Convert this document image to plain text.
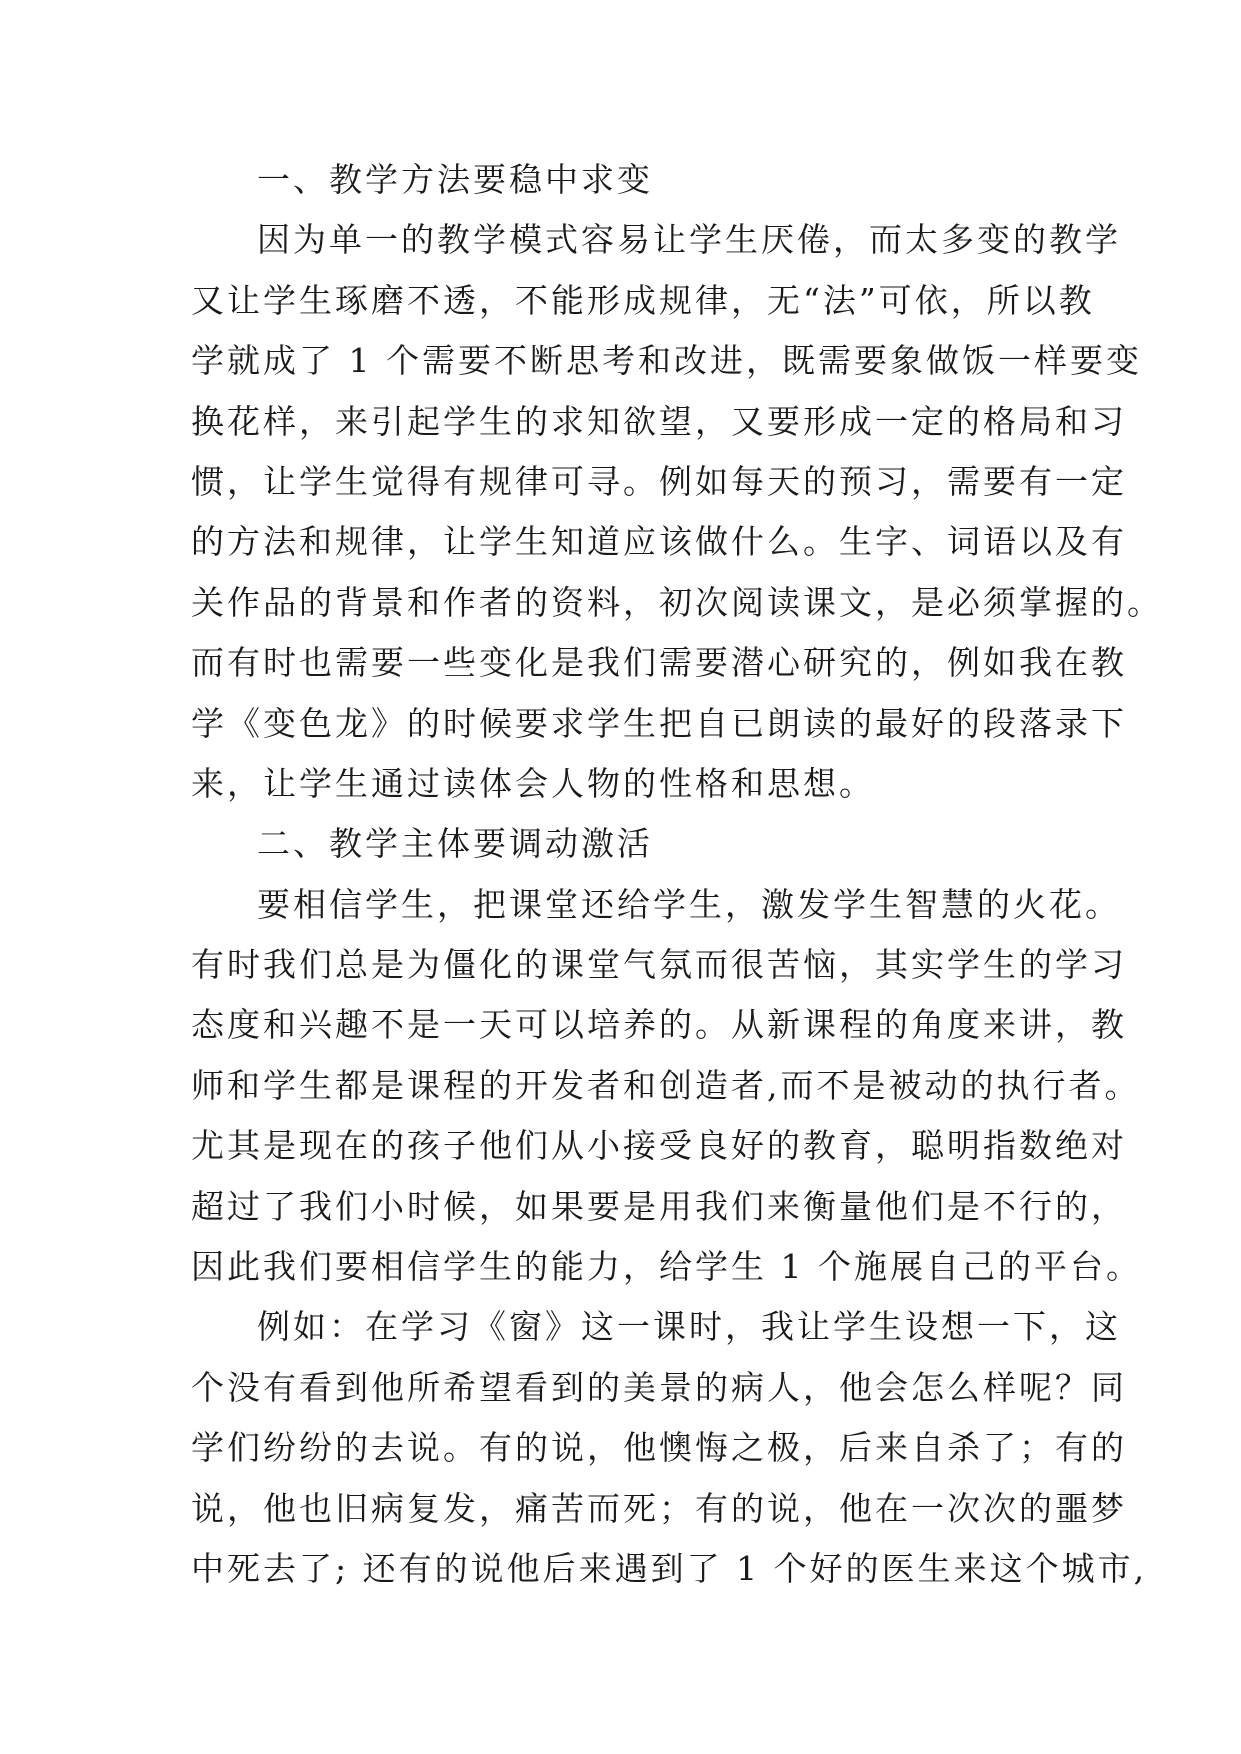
一、教学方法要稳中求变
因为单一的教学模式容易让学生厌倦，而太多变的教学
又让学生琢磨不透，不能形成规律，无“法”可依，所以教
学就成了 1 个需要不断思考和改进，既需要象做饭一样要变
换花样，来引起学生的求知欲望，又要形成一定的格局和习
惯，让学生觉得有规律可寻。例如每天的预习，需要有一定
的方法和规律，让学生知道应该做什么。生字、词语以及有
关作品的背景和作者的资料，初次阅读课文，是必须掌握的。
而有时也需要一些变化是我们需要潜心研究的，例如我在教
学《变色龙》的时候要求学生把自已朗读的最好的段落录下
来，让学生通过读体会人物的性格和思想。
二、教学主体要调动激活
要相信学生，把课堂还给学生，激发学生智慧的火花。
有时我们总是为僵化的课堂气氛而很苦恼，其实学生的学习
态度和兴趣不是一天可以培养的。从新课程的角度来讲，教
师和学生都是课程的开发者和创造者,而不是被动的执行者。
尤其是现在的孩子他们从小接受良好的教育，聪明指数绝对
超过了我们小时候，如果要是用我们来衡量他们是不行的，
因此我们要相信学生的能力，给学生 1 个施展自己的平台。
例如：在学习《窗》这一课时，我让学生设想一下，这
个没有看到他所希望看到的美景的病人，他会怎么样呢？同
学们纷纷的去说。有的说，他懊悔之极，后来自杀了；有的
说，他也旧病复发，痛苦而死；有的说，他在一次次的噩梦
中死去了; 还有的说他后来遇到了 1 个好的医生来这个城市,
